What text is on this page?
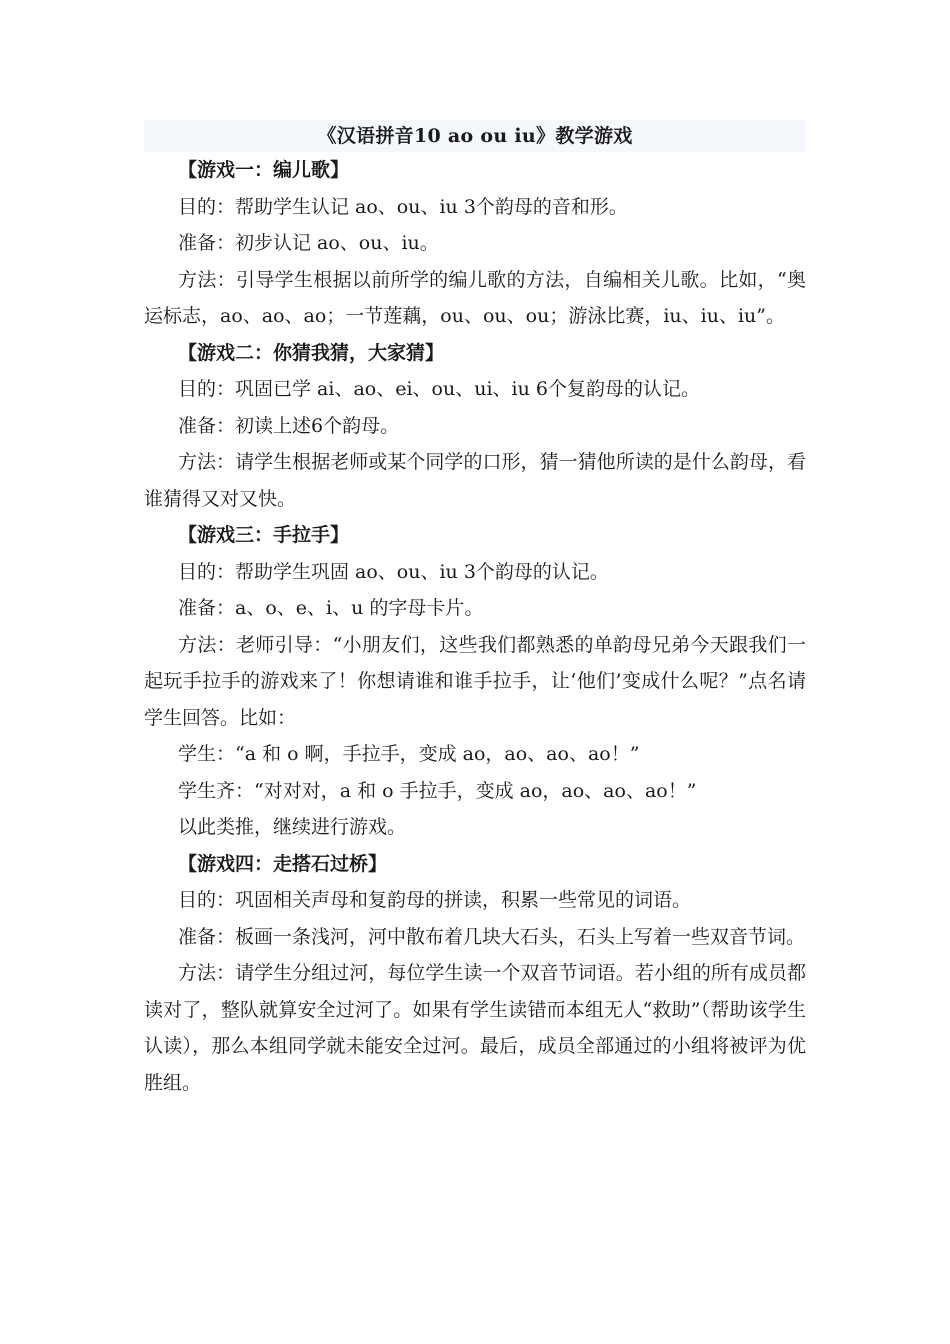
《汉语拼音10 ao ou iu》教学游戏
【游戏一：编儿歌】

目的：帮助学生认记 ao、ou、iu 3个韵母的音和形。

准备：初步认记 ao、ou、iu。

方法：引导学生根据以前所学的编儿歌的方法，自编相关儿歌。比如，“奥运标志，ao、ao、ao；一节莲藕，ou、ou、ou；游泳比赛，iu、iu、iu”。

【游戏二：你猜我猜，大家猜】

目的：巩固已学 ai、ao、ei、ou、ui、iu 6个复韵母的认记。

准备：初读上述6个韵母。

方法：请学生根据老师或某个同学的口形，猜一猜他所读的是什么韵母，看谁猜得又对又快。

【游戏三：手拉手】

目的：帮助学生巩固 ao、ou、iu 3个韵母的认记。

准备：a、o、e、i、u 的字母卡片。

方法：老师引导：“小朋友们，这些我们都熟悉的单韵母兄弟今天跟我们一起玩手拉手的游戏来了！你想请谁和谁手拉手，让‘他们’变成什么呢？”点名请学生回答。比如：

学生：“a 和 o 啊，手拉手，变成 ao，ao、ao、ao！”

学生齐：“对对对，a 和 o 手拉手，变成 ao，ao、ao、ao！”

以此类推，继续进行游戏。

【游戏四：走搭石过桥】

目的：巩固相关声母和复韵母的拼读，积累一些常见的词语。

准备：板画一条浅河，河中散布着几块大石头，石头上写着一些双音节词。

方法：请学生分组过河，每位学生读一个双音节词语。若小组的所有成员都读对了，整队就算安全过河了。如果有学生读错而本组无人“救助”（帮助该学生认读），那么本组同学就未能安全过河。最后，成员全部通过的小组将被评为优胜组。
